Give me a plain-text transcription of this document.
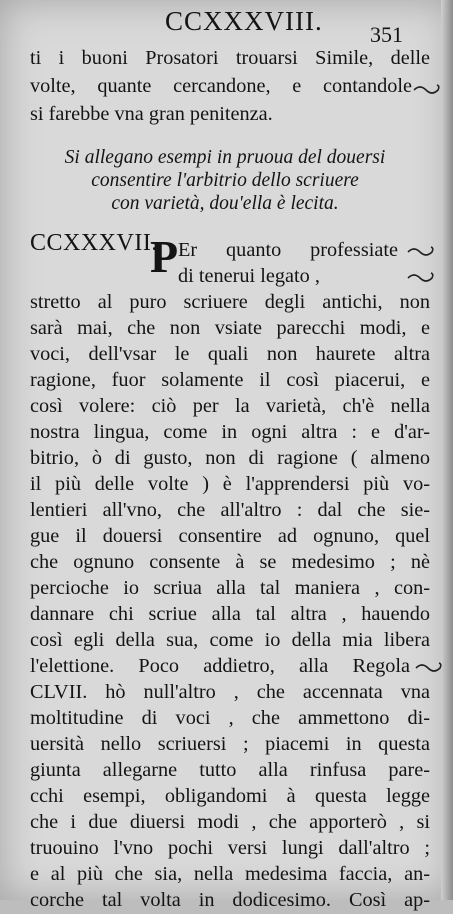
CCXXXVIII. 351
ti i buoni Prosatori trouarsi Simile, delle
volte, quante cercandone, e contandole
si farebbe vna gran penitenza.
Si allegano esempi in pruoua del douersi
consentire l'arbitrio dello scriuere
con varietà, dou'ella è lecita.
CCXXXVII.
P Er quanto professiate
di tenerui legato ,
stretto al puro scriuere degli antichi, non
sarà mai, che non vsiate parecchi modi, e
voci, dell'vsar le quali non haurete altra
ragione, fuor solamente il così piacerui, e
così volere: ciò per la varietà, ch'è nella
nostra lingua, come in ogni altra : e d'ar-
bitrio, ò di gusto, non di ragione ( almeno
il più delle volte ) è l'apprendersi più vo-
lentieri all'vno, che all'altro : dal che sie-
gue il douersi consentire ad ognuno, quel
che ognuno consente à se medesimo ; nè
percioche io scriua alla tal maniera , con-
dannare chi scriue alla tal altra , hauendo
così egli della sua, come io della mia libera
l'elettione. Poco addietro, alla Regola
CLVII. hò null'altro , che accennata vna
moltitudine di voci , che ammettono di-
uersità nello scriuersi ; piacemi in questa
giunta allegarne tutto alla rinfusa pare-
cchi esempi, obligandomi à questa legge
che i due diuersi modi , che apporterò , si
truouino l'vno pochi versi lungi dall'altro ;
e al più che sia, nella medesima faccia, an-
corche tal volta in dodicesimo. Così ap-
